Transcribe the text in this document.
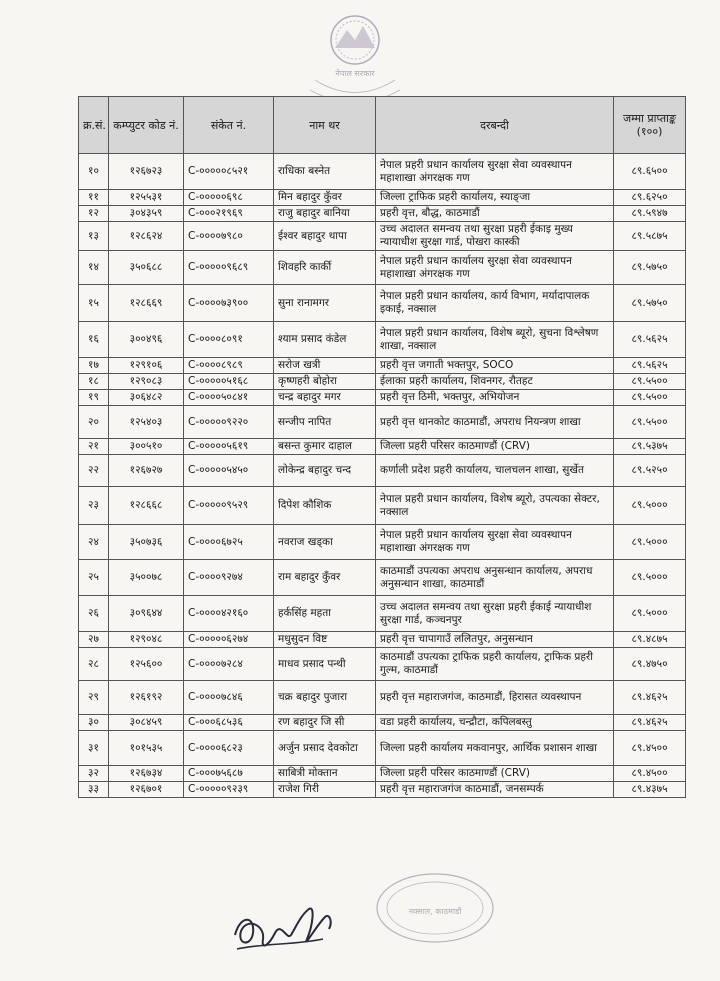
नेपाल सरकार
क्र.सं.	कम्प्युटर कोड नं.	संकेत नं.	नाम थर	दरबन्दी	जम्मा प्राप्ताङ्क (१००)
१०	१२६७२३	C-०००००८५२१	राधिका बस्नेत	नेपाल प्रहरी प्रधान कार्यालय सुरक्षा सेवा व्यवस्थापन महाशाखा अंगरक्षक गण	८९.६५००
११	१२५५३१	C-०००००६९८	मिन बहादुर कुँवर	जिल्ला ट्राफिक प्रहरी कार्यालय, स्याङ्जा	८९.६२५०
१२	३०४३५९	C-०००२१९६९	राजु बहादुर बानिया	प्रहरी वृत्त, बौद्ध, काठमाडौं	८९.५९४७
१३	१२८६२४	C-००००७९८०	ईश्वर बहादुर थापा	उच्च अदालत समन्वय तथा सुरक्षा प्रहरी ईकाइ मुख्य न्यायाधीश सुरक्षा गार्ड, पोखरा कास्की	८९.५८७५
१४	३५०६८८	C-०००००९६८९	शिवहरि कार्की	नेपाल प्रहरी प्रधान कार्यालय सुरक्षा सेवा व्यवस्थापन महाशाखा अंगरक्षक गण	८९.५७५०
१५	१२८६६९	C-००००७३९००	सुना रानामगर	नेपाल प्रहरी प्रधान कार्यालय, कार्य विभाग, मर्यादापालक इकाई, नक्साल	८९.५७५०
१६	३००४९६	C-००००८०९१	श्याम प्रसाद कंडेल	नेपाल प्रहरी प्रधान कार्यालय, विशेष ब्यूरो, सुचना विश्लेषण शाखा, नक्साल	८९.५६२५
१७	१२९१०६	C-००००८९८९	सरोज खत्री	प्रहरी वृत्त जगाती भक्तपुर, SOCO	८९.५६२५
१८	१२९०८३	C-०००००५१६८	कृष्णहरी बोहोरा	ईलाका प्रहरी कार्यालय, शिवनगर, रौतहट	८९.५५००
१९	३०६४८२	C-००००५०८४१	चन्द्र बहादुर मगर	प्रहरी वृत्त ठिमी, भक्तपुर, अभियोजन	८९.५५००
२०	१२५४०३	C-०००००९२२०	सन्जीप नापित	प्रहरी वृत्त थानकोट काठमाडौं, अपराध नियन्त्रण शाखा	८९.५५००
२१	३००५१०	C-०००००५६१९	बसन्त कुमार दाहाल	जिल्ला प्रहरी परिसर काठमाण्डौं (CRV)	८९.५३७५
२२	१२६७२७	C-०००००५४५०	लोकेन्द्र बहादुर चन्द	कर्णाली प्रदेश प्रहरी कार्यालय, चालचलन शाखा, सुर्खेत	८९.५२५०
२३	१२८६६८	C-०००००९५२९	दिपेश कौशिक	नेपाल प्रहरी प्रधान कार्यालय, विशेष ब्यूरो, उपत्यका सेक्टर, नक्साल	८९.५०००
२४	३५०७३६	C-००००६७२५	नवराज खड्का	नेपाल प्रहरी प्रधान कार्यालय सुरक्षा सेवा व्यवस्थापन महाशाखा अंगरक्षक गण	८९.५०००
२५	३५००७८	C-००००९२७४	राम बहादुर कुँवर	काठमाडौं उपत्यका अपराध अनुसन्धान कार्यालय, अपराध अनुसन्धान शाखा, काठमाडौं	८९.५०००
२६	३०९६४४	C-००००४२१६०	हर्कसिंह महता	उच्च अदालत समन्वय तथा सुरक्षा प्रहरी ईकाई न्यायाधीश सुरक्षा गार्ड, कञ्चनपुर	८९.५०००
२७	१२९०४८	C-०००००६२७४	मधुसुदन विष्ट	प्रहरी वृत्त चापागाउँ ललितपुर, अनुसन्धान	८९.४८७५
२८	१२५६००	C-००००७२८४	माधव प्रसाद पन्थी	काठमाडौं उपत्यका ट्राफिक प्रहरी कार्यालय, ट्राफिक प्रहरी गुल्म, काठमाडौं	८९.४७५०
२९	१२६१९२	C-००००७८४६	चक्र बहादुर पुजारा	प्रहरी वृत्त महाराजगंज, काठमाडौं, हिरासत व्यवस्थापन	८९.४६२५
३०	३०८४५९	C-०००६८५३६	रण बहादुर जि सी	वडा प्रहरी कार्यालय, चन्द्रौटा, कपिलबस्तु	८९.४६२५
३१	१०१५३५	C-००००६८२३	अर्जुन प्रसाद देवकोटा	जिल्ला प्रहरी कार्यालय मकवानपुर, आर्थिक प्रशासन शाखा	८९.४५००
३२	१२६७३४	C-०००७५६८७	साबित्री मोक्तान	जिल्ला प्रहरी परिसर काठमाण्डौं (CRV)	८९.४५००
३३	१२६७०१	C-०००००९२३९	राजेश गिरी	प्रहरी वृत्त महाराजगंज काठमाडौं, जनसम्पर्क	८९.४३७५
नक्साल, काठमाडौं
